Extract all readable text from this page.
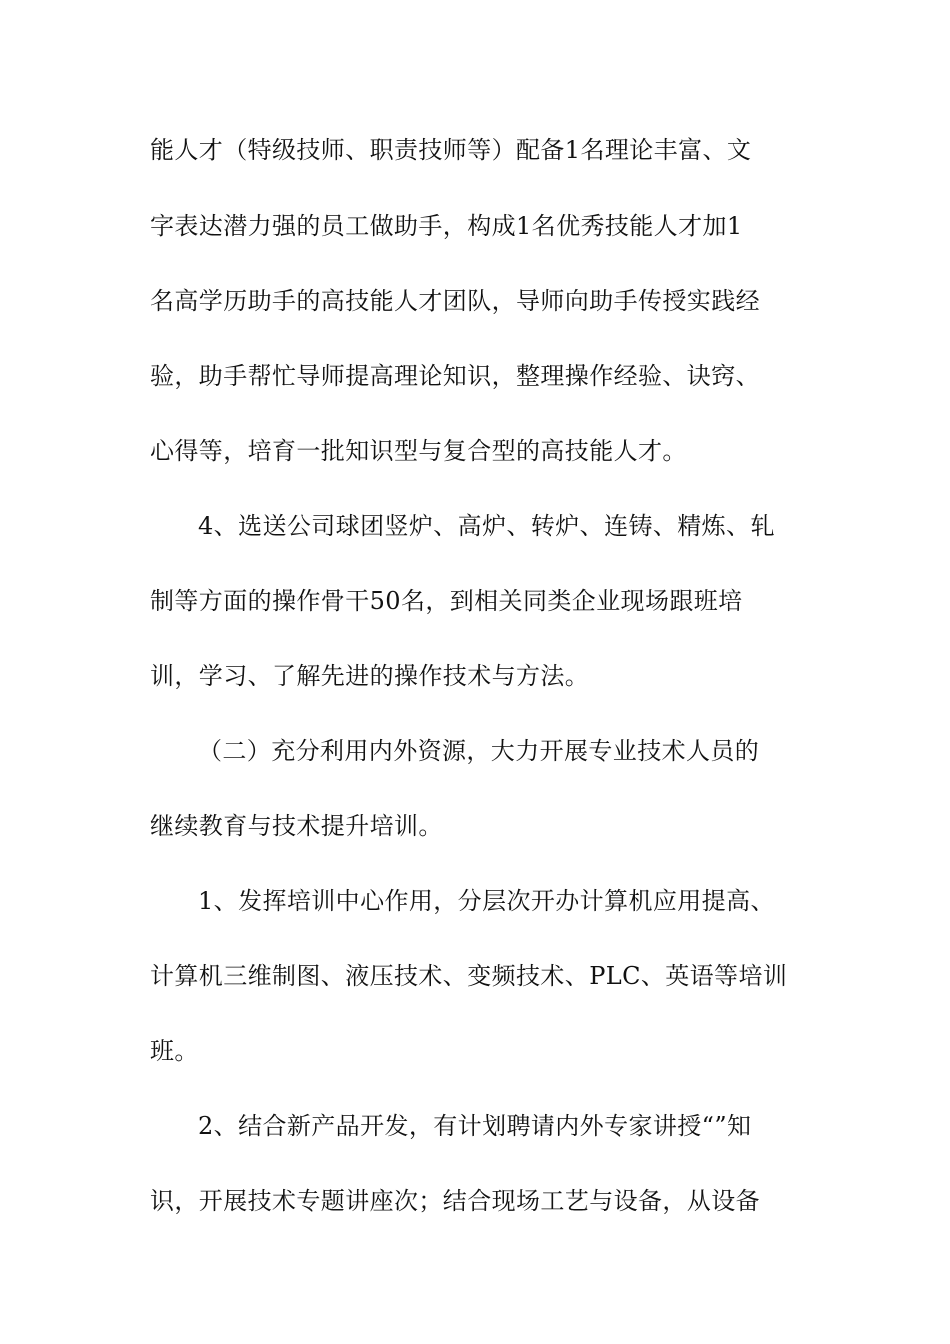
能人才（特级技师、职责技师等）配备1名理论丰富、文
字表达潜力强的员工做助手，构成1名优秀技能人才加1
名高学历助手的高技能人才团队，导师向助手传授实践经
验，助手帮忙导师提高理论知识，整理操作经验、诀窍、
心得等，培育一批知识型与复合型的高技能人才。
4、选送公司球团竖炉、高炉、转炉、连铸、精炼、轧
制等方面的操作骨干50名，到相关同类企业现场跟班培
训，学习、了解先进的操作技术与方法。
（二）充分利用内外资源，大力开展专业技术人员的
继续教育与技术提升培训。
1、发挥培训中心作用，分层次开办计算机应用提高、
计算机三维制图、液压技术、变频技术、PLC、英语等培训
班。
2、结合新产品开发，有计划聘请内外专家讲授“”知
识，开展技术专题讲座次；结合现场工艺与设备，从设备
